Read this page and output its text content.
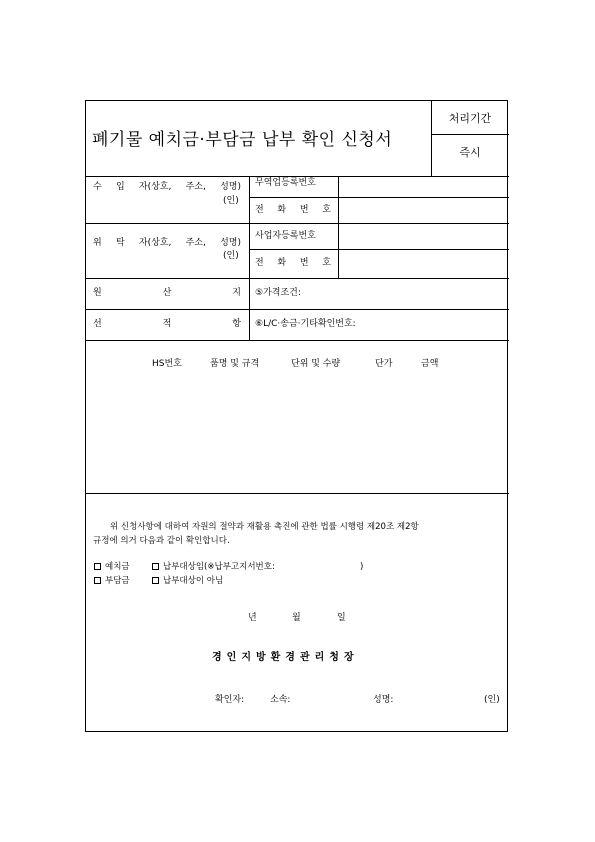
폐기물 예치금·부담금 납부 확인 신청서
처리기간
즉시
수 입 자(상호, 주소, 성명)
(인)
무역업등록번호
전 화 번 호
위 탁 자(상호, 주소, 성명)
(인)
사업자등록번호
전 화 번 호
원	산	지 ⑤가격조건:
선	적	항 ⑥L/C·송금·기타확인번호:
HS번호	품명 및 규격	단위 및 수량	단가	금액
위 신청사항에 대하여 자원의 절약과 재활용 촉진에 관한 법률 시행령 제20조 제2항
규정에 의거 다음과 같이 확인합니다.
예치금	납부대상임(※납부고지서번호:	)
부담금	납부대상이 아님
년	월	일
경인지방환경관리청장
확인자:	소속:	성명:	(인)
